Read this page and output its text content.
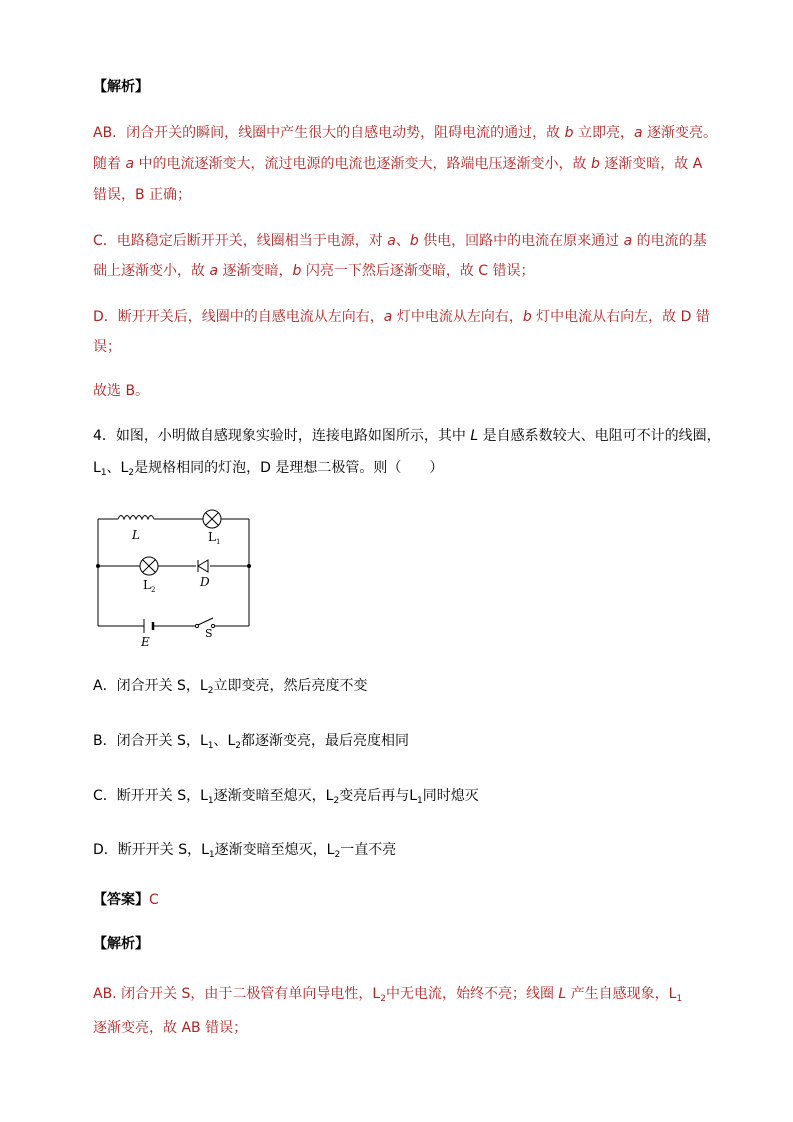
【解析】
AB．闭合开关的瞬间，线圈中产生很大的自感电动势，阻碍电流的通过，故 b 立即亮，a 逐渐变亮。
随着 a 中的电流逐渐变大，流过电源的电流也逐渐变大，路端电压逐渐变小，故 b 逐渐变暗，故 A
错误，B 正确；
C．电路稳定后断开开关，线圈相当于电源，对 a、b 供电，回路中的电流在原来通过 a 的电流的基
础上逐渐变小，故 a 逐渐变暗，b 闪亮一下然后逐渐变暗，故 C 错误；
D．断开开关后，线圈中的自感电流从左向右，a 灯中电流从左向右，b 灯中电流从右向左，故 D 错
误；
故选 B。
4．如图，小明做自感现象实验时，连接电路如图所示，其中 L 是自感系数较大、电阻可不计的线圈，
$L_1$、$L_2$是规格相同的灯泡，D 是理想二极管。则（　　）
L	$L_1$
$L_2$
D
E
S
A．闭合开关 S，$L_2$立即变亮，然后亮度不变
B．闭合开关 S，$L_1$、$L_2$都逐渐变亮，最后亮度相同
C．断开开关 S，$L_1$逐渐变暗至熄灭，$L_2$变亮后再与$L_1$同时熄灭
D．断开开关 S，$L_1$逐渐变暗至熄灭，$L_2$一直不亮
【答案】C
【解析】
AB. 闭合开关 S，由于二极管有单向导电性，$L_2$中无电流，始终不亮；线圈 L 产生自感现象，$L_1$
逐渐变亮，故 AB 错误；
